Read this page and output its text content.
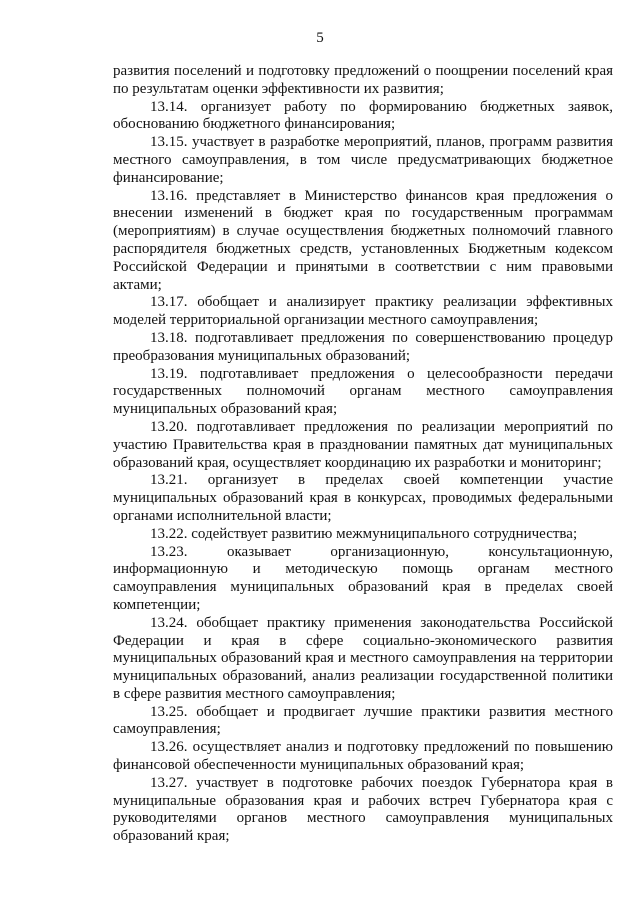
5

развития поселений и подготовку предложений о поощрении поселений края по результатам оценки эффективности их развития;

13.14. организует работу по формированию бюджетных заявок, обоснованию бюджетного финансирования;

13.15. участвует в разработке мероприятий, планов, программ развития местного самоуправления, в том числе предусматривающих бюджетное финансирование;

13.16. представляет в Министерство финансов края предложения о внесении изменений в бюджет края по государственным программам (мероприятиям) в случае осуществления бюджетных полномочий главного распорядителя бюджетных средств, установленных Бюджетным кодексом Российской Федерации и принятыми в соответствии с ним правовыми актами;

13.17. обобщает и анализирует практику реализации эффективных моделей территориальной организации местного самоуправления;

13.18. подготавливает предложения по совершенствованию процедур преобразования муниципальных образований;

13.19. подготавливает предложения о целесообразности передачи государственных полномочий органам местного самоуправления муниципальных образований края;

13.20. подготавливает предложения по реализации мероприятий по участию Правительства края в праздновании памятных дат муниципальных образований края, осуществляет координацию их разработки и мониторинг;

13.21. организует в пределах своей компетенции участие муниципальных образований края в конкурсах, проводимых федеральными органами исполнительной власти;

13.22. содействует развитию межмуниципального сотрудничества;

13.23. оказывает организационную, консультационную, информационную и методическую помощь органам местного самоуправления муниципальных образований края в пределах своей компетенции;

13.24. обобщает практику применения законодательства Российской Федерации и края в сфере социально-экономического развития муниципальных образований края и местного самоуправления на территории муниципальных образований, анализ реализации государственной политики в сфере развития местного самоуправления;

13.25. обобщает и продвигает лучшие практики развития местного самоуправления;

13.26. осуществляет анализ и подготовку предложений по повышению финансовой обеспеченности муниципальных образований края;

13.27. участвует в подготовке рабочих поездок Губернатора края в муниципальные образования края и рабочих встреч Губернатора края с руководителями органов местного самоуправления муниципальных образований края;
